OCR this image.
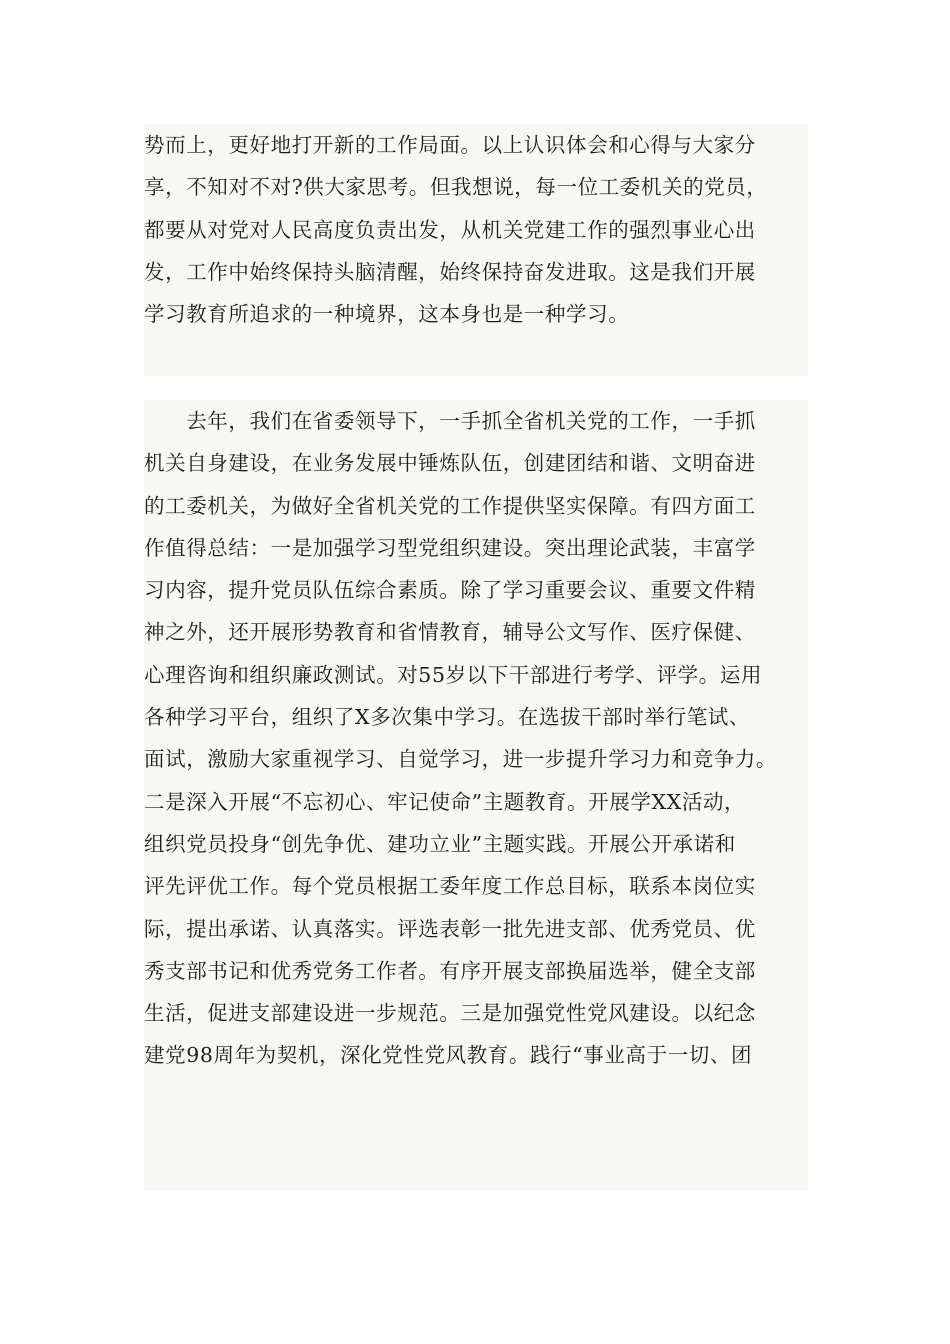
势而上，更好地打开新的工作局面。以上认识体会和心得与大家分
享，不知对不对?供大家思考。但我想说，每一位工委机关的党员，
都要从对党对人民高度负责出发，从机关党建工作的强烈事业心出
发，工作中始终保持头脑清醒，始终保持奋发进取。这是我们开展
学习教育所追求的一种境界，这本身也是一种学习。
　　去年，我们在省委领导下，一手抓全省机关党的工作，一手抓
机关自身建设，在业务发展中锤炼队伍，创建团结和谐、文明奋进
的工委机关，为做好全省机关党的工作提供坚实保障。有四方面工
作值得总结：一是加强学习型党组织建设。突出理论武装，丰富学
习内容，提升党员队伍综合素质。除了学习重要会议、重要文件精
神之外，还开展形势教育和省情教育，辅导公文写作、医疗保健、
心理咨询和组织廉政测试。对55岁以下干部进行考学、评学。运用
各种学习平台，组织了X多次集中学习。在选拔干部时举行笔试、
面试，激励大家重视学习、自觉学习，进一步提升学习力和竞争力。
二是深入开展“不忘初心、牢记使命”主题教育。开展学XX活动，
组织党员投身“创先争优、建功立业”主题实践。开展公开承诺和
评先评优工作。每个党员根据工委年度工作总目标，联系本岗位实
际，提出承诺、认真落实。评选表彰一批先进支部、优秀党员、优
秀支部书记和优秀党务工作者。有序开展支部换届选举，健全支部
生活，促进支部建设进一步规范。三是加强党性党风建设。以纪念
建党98周年为契机，深化党性党风教育。践行“事业高于一切、团
